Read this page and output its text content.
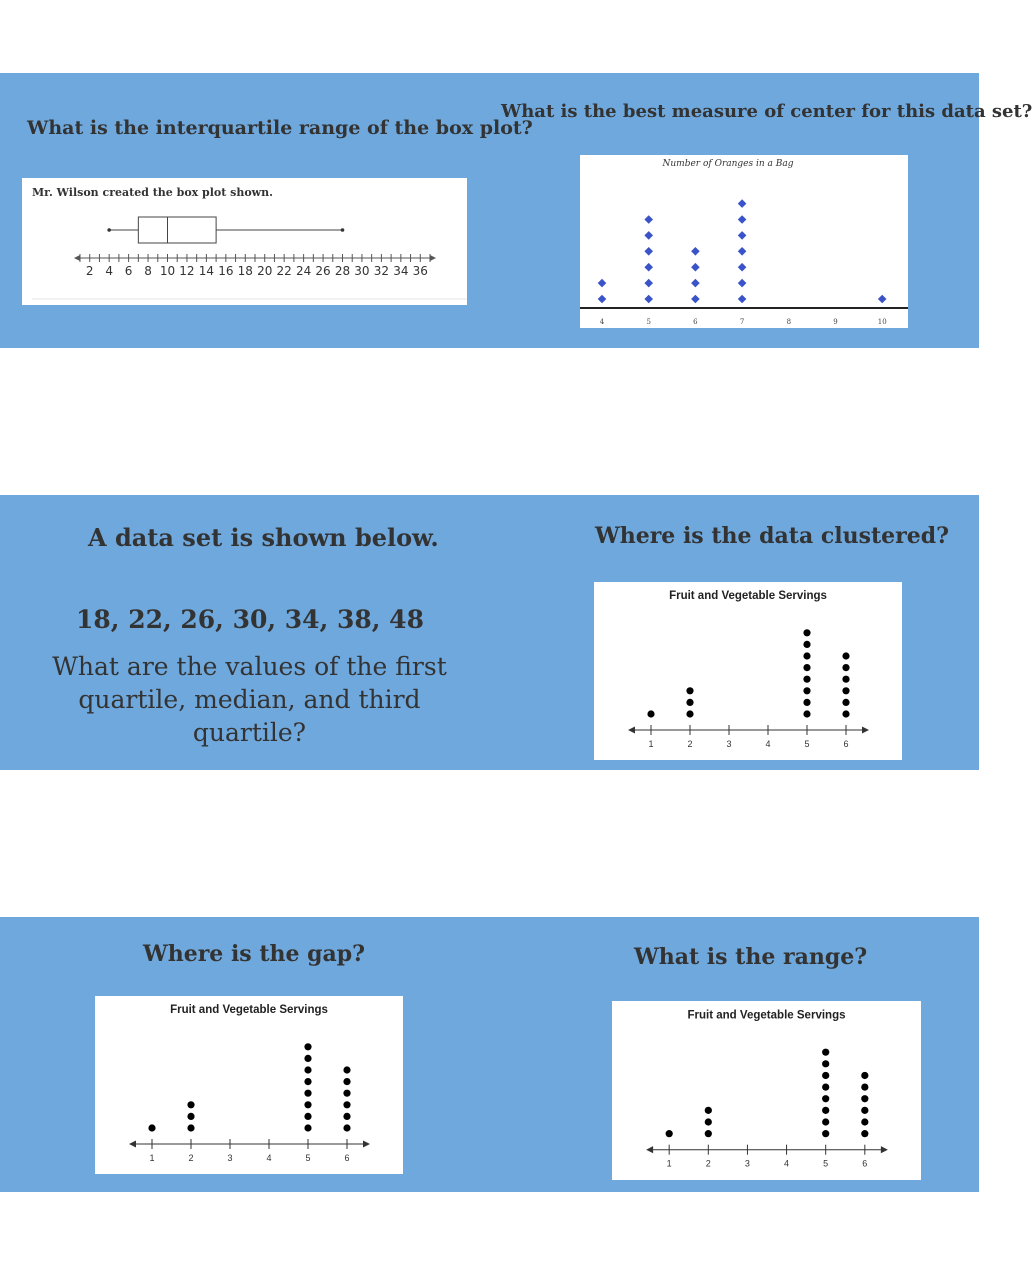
What is the interquartile range of the box plot?
What is the best measure of center for this data set?
Mr. Wilson created the box plot shown.
2 4 6 8 10 12 14 16 18 20 22 24 26 28 30 32 34 36
Number of Oranges in a Bag
4	5	6	7	8	9	10
A data set is shown below.

18, 22, 26, 30, 34, 38, 48

What are the values of the first quartile, median, and third quartile?

Where is the data clustered?
Fruit and Vegetable Servings
1	2	3	4	5	6
Where is the gap?
Fruit and Vegetable Servings
1	2	3	4	5	6
What is the range?
Fruit and Vegetable Servings
1	2	3	4	5	6
